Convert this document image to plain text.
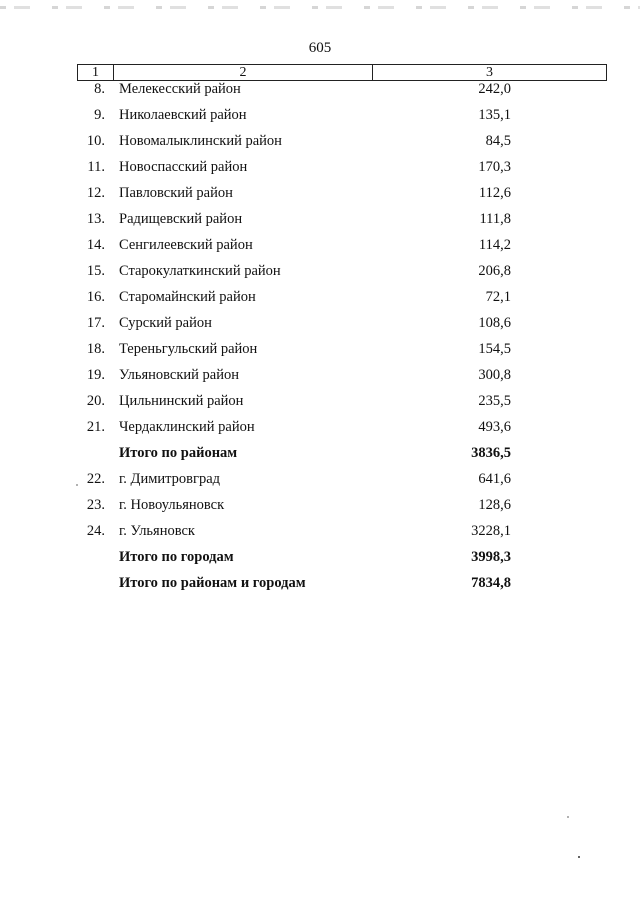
605
1	2	3
8. Мелекесский район	242,0
9. Николаевский район	135,1
10. Новомалыклинский район	84,5
11. Новоспасский район	170,3
12. Павловский район	112,6
13. Радищевский район	111,8
14. Сенгилеевский район	114,2
15. Старокулаткинский район	206,8
16. Старомайнский район	72,1
17. Сурский район	108,6
18. Тереньгульский район	154,5
19. Ульяновский район	300,8
20. Цильнинский район	235,5
21. Чердаклинский район	493,6
Итого по районам	3836,5
22. г. Димитровград	641,6
23. г. Новоульяновск	128,6
24. г. Ульяновск	3228,1
Итого по городам	3998,3
Итого по районам и городам	7834,8
